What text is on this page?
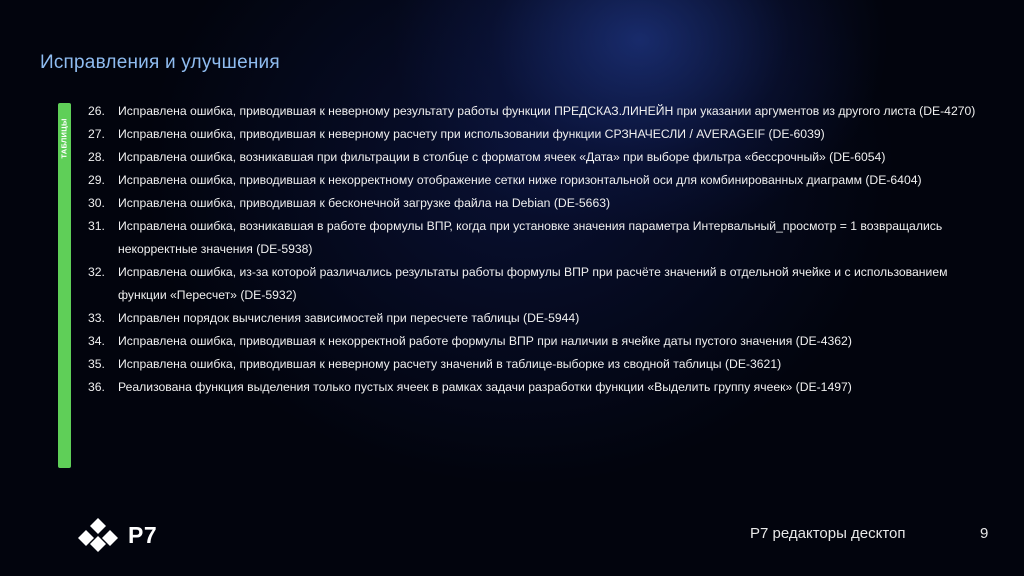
Исправления и улучшения
ТАБЛИЦЫ
26.	Исправлена ошибка, приводившая к неверному результату работы функции ПРЕДСКАЗ.ЛИНЕЙН при указании аргументов из другого листа (DE-4270)
27.	Исправлена ошибка, приводившая к неверному расчету при использовании функции СРЗНАЧЕСЛИ / AVERAGEIF (DE-6039)
28.	Исправлена ошибка, возникавшая при фильтрации в столбце с форматом ячеек «Дата» при выборе фильтра «бессрочный» (DE-6054)
29.	Исправлена ошибка, приводившая к некорректному отображение сетки ниже горизонтальной оси для комбинированных диаграмм (DE-6404)
30.	Исправлена ошибка, приводившая к бесконечной загрузке файла на Debian (DE-5663)
31.	Исправлена ошибка, возникавшая в работе формулы ВПР, когда при установке значения параметра Интервальный_просмотр = 1 возвращались некорректные значения (DE-5938)
32.	Исправлена ошибка, из-за которой различались результаты работы формулы ВПР при расчёте значений в отдельной ячейке и с использованием функции «Пересчет» (DE-5932)
33.	Исправлен порядок вычисления зависимостей при пересчете таблицы (DE-5944)
34.	Исправлена ошибка, приводившая к некорректной работе формулы ВПР при наличии в ячейке даты пустого значения (DE-4362)
35.	Исправлена ошибка, приводившая к неверному расчету значений в таблице-выборке из сводной таблицы (DE-3621)
36.	Реализована функция выделения только пустых ячеек в рамках задачи разработки функции «Выделить группу ячеек» (DE-1497)
P7	Р7 редакторы десктоп	9
